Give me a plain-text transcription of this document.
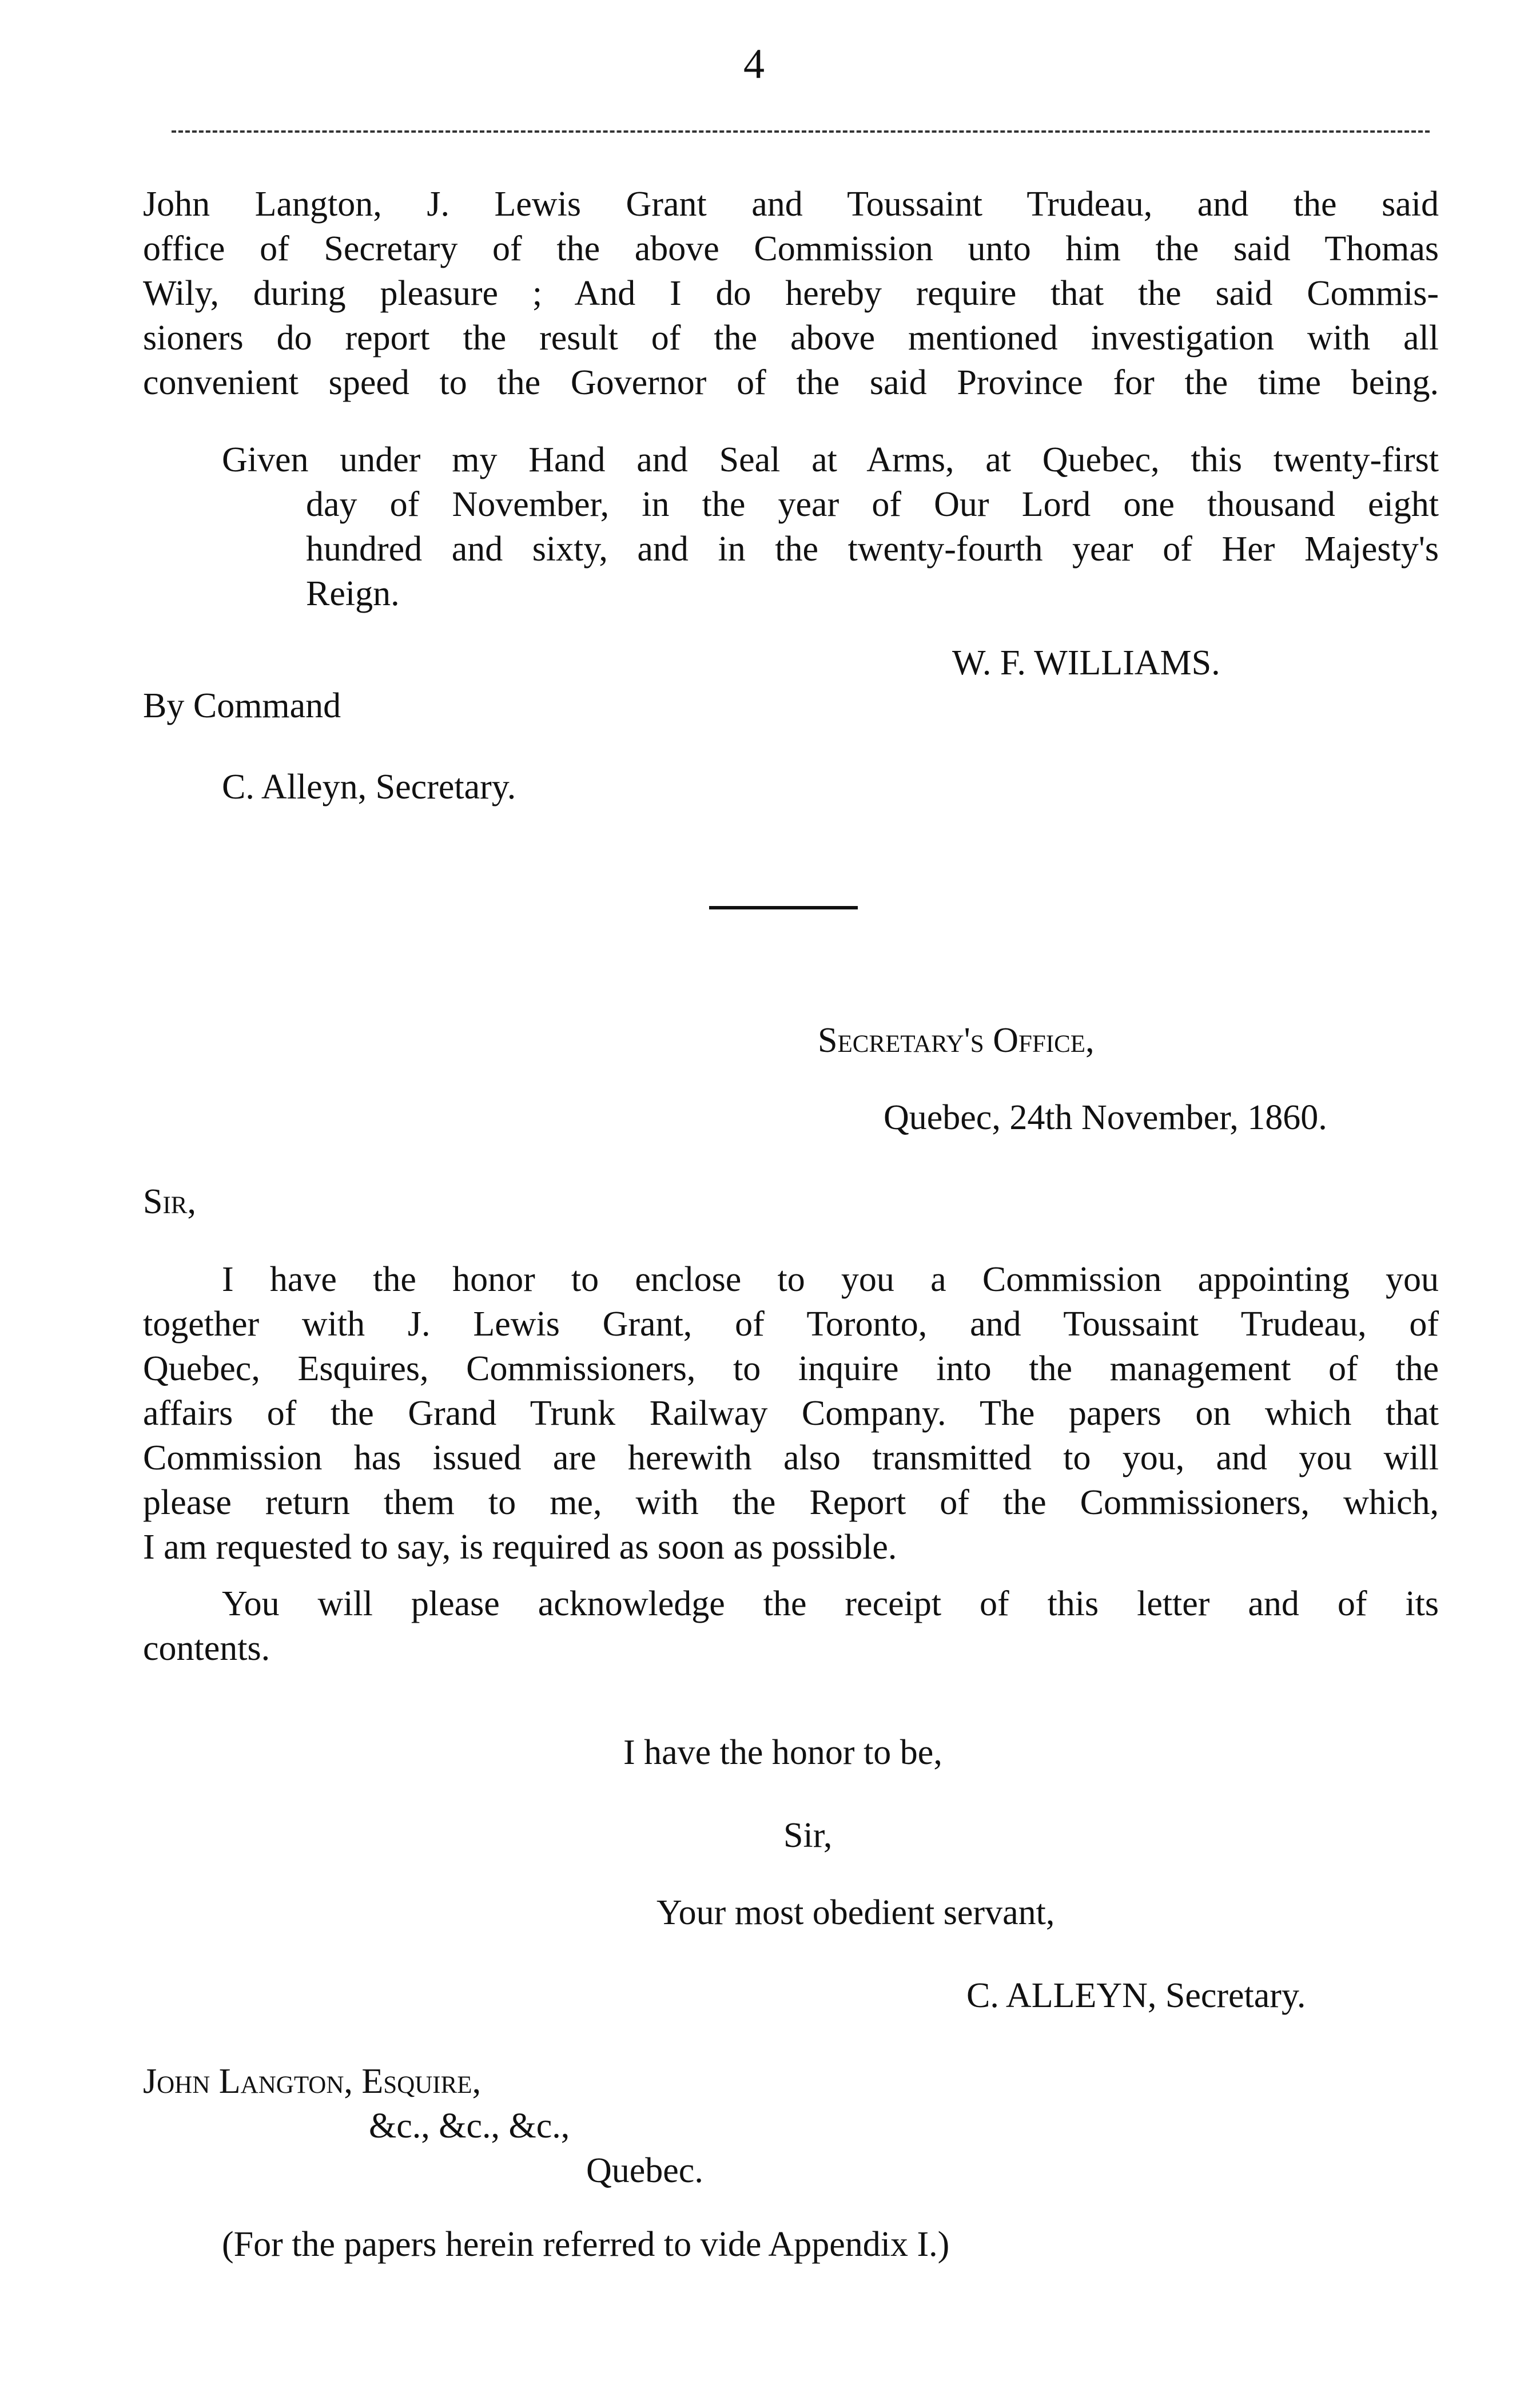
4
John Langton, J. Lewis Grant and Toussaint Trudeau, and the said
office of Secretary of the above Commission unto him the said Thomas
Wily, during pleasure ; And I do hereby require that the said Commis-
sioners do report the result of the above mentioned investigation with all
convenient speed to the Governor of the said Province for the time being.
Given under my Hand and Seal at Arms, at Quebec, this twenty-first
day of November, in the year of Our Lord one thousand eight
hundred and sixty, and in the twenty-fourth year of Her Majesty's
Reign.
W. F. WILLIAMS.
By Command
C. Alleyn, Secretary.
Secretary's Office,
Quebec, 24th November, 1860.
Sir,
I have the honor to enclose to you a Commission appointing you
together with J. Lewis Grant, of Toronto, and Toussaint Trudeau, of
Quebec, Esquires, Commissioners, to inquire into the management of the
affairs of the Grand Trunk Railway Company. The papers on which that
Commission has issued are herewith also transmitted to you, and you will
please return them to me, with the Report of the Commissioners, which,
I am requested to say, is required as soon as possible.
You will please acknowledge the receipt of this letter and of its
contents.
I have the honor to be,
Sir,
Your most obedient servant,
C. ALLEYN, Secretary.
John Langton, Esquire,
&c., &c., &c.,
Quebec.
(For the papers herein referred to vide Appendix I.)
